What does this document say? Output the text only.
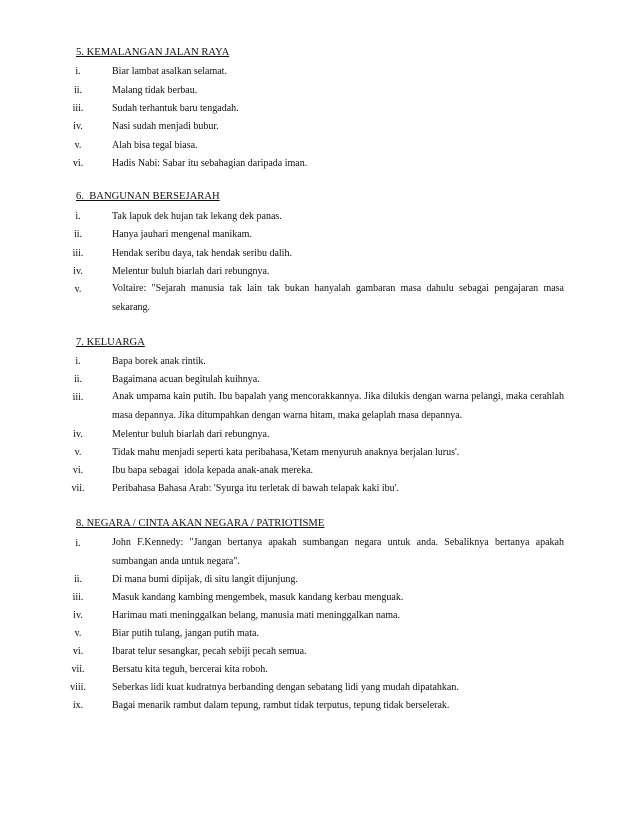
5. KEMALANGAN JALAN RAYA
i.	Biar lambat asalkan selamat.
ii.	Malang tidak berbau.
iii.	Sudah terhantuk baru tengadah.
iv.	Nasi sudah menjadi bubur.
v.	Alah bisa tegal biasa.
vi.	Hadis Nabi: Sabar itu sebahagian daripada iman.
6.  BANGUNAN BERSEJARAH
i.	Tak lapuk dek hujan tak lekang dek panas.
ii.	Hanya jauhari mengenal manikam.
iii.	Hendak seribu daya, tak hendak seribu dalih.
iv.	Melentur buluh biarlah dari rebungnya.
v.	Voltaire: "Sejarah manusia tak lain tak bukan hanyalah gambaran masa dahulu sebagai pengajaran masa sekarang.
7. KELUARGA
i.	Bapa borek anak rintik.
ii.	Bagaimana acuan begitulah kuihnya.
iii.	Anak umpama kain putih. Ibu bapalah yang mencorakkannya. Jika dilukis dengan warna pelangi, maka cerahlah masa depannya. Jika ditumpahkan dengan warna hitam, maka gelaplah masa depannya.
iv.	Melentur buluh biarlah dari rebungnya.
v.	Tidak mahu menjadi seperti kata peribahasa,'Ketam menyuruh anaknya berjalan lurus'.
vi.	Ibu bapa sebagai  idola kepada anak-anak mereka.
vii.	Peribahasa Bahasa Arab: 'Syurga itu terletak di bawah telapak kaki ibu'.
8. NEGARA / CINTA AKAN NEGARA / PATRIOTISME
i.	John F.Kennedy: "Jangan bertanya apakah sumbangan negara untuk anda. Sebaliknya bertanya apakah sumbangan anda untuk negara".
ii.	Di mana bumi dipijak, di situ langit dijunjung.
iii.	Masuk kandang kambing mengembek, masuk kandang kerbau menguak.
iv.	Harimau mati meninggalkan belang, manusia mati meninggalkan nama.
v.	Biar putih tulang, jangan putih mata.
vi.	Ibarat telur sesangkar, pecah sebiji pecah semua.
vii.	Bersatu kita teguh, bercerai kita roboh.
viii.	Seberkas lidi kuat kudratnya berbanding dengan sebatang lidi yang mudah dipatahkan.
ix.	Bagai menarik rambut dalam tepung, rambut tidak terputus, tepung tidak berselerak.
